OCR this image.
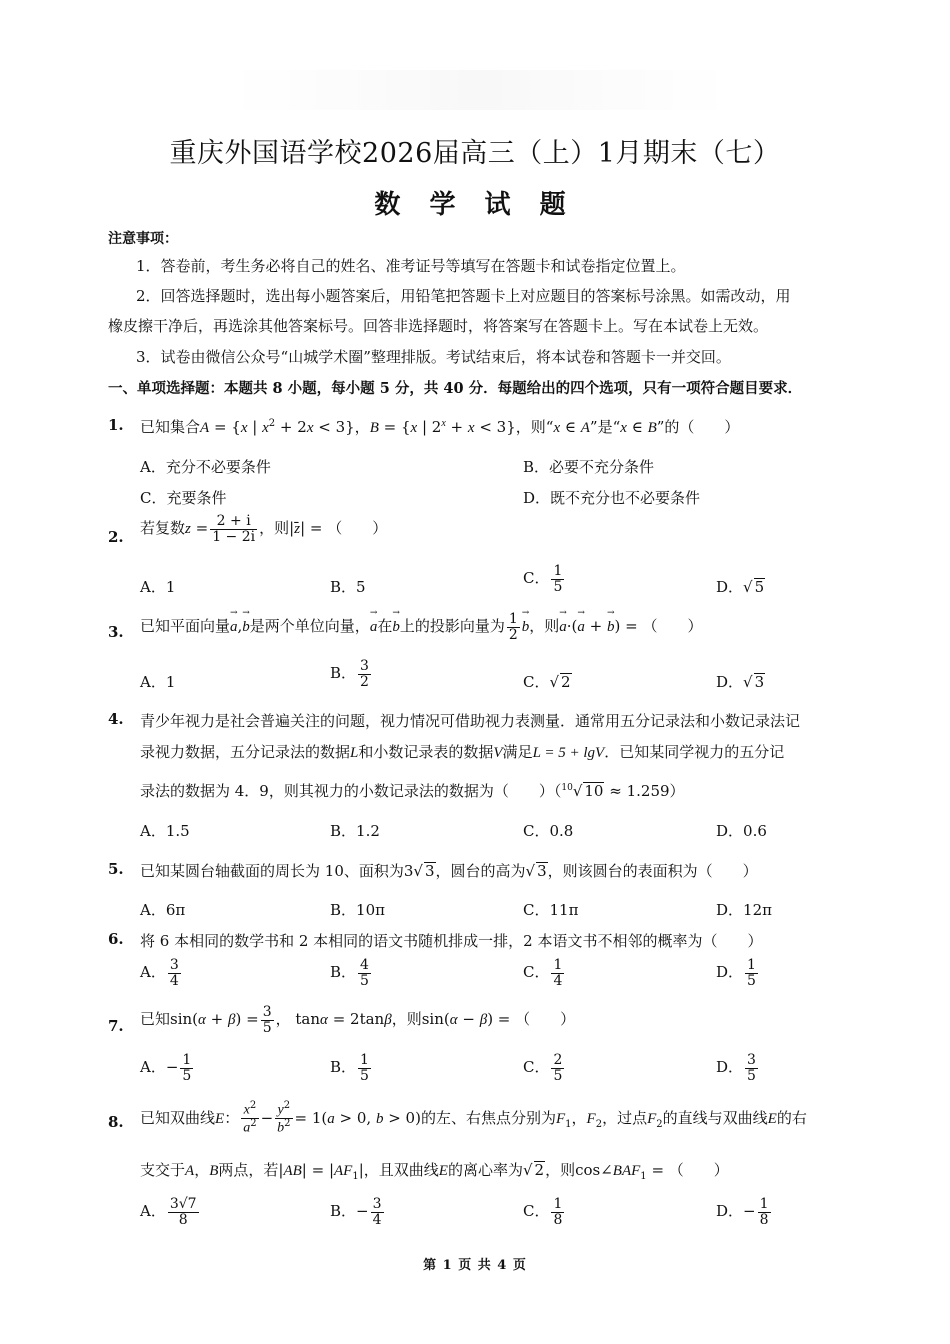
重庆外国语学校2026届高三（上）1月期末（七）
数 学 试 题
注意事项：
1．答卷前，考生务必将自己的姓名、准考证号等填写在答题卡和试卷指定位置上。
2．回答选择题时，选出每小题答案后，用铅笔把答题卡上对应题目的答案标号涂黑。如需改动，用
橡皮擦干净后，再选涂其他答案标号。回答非选择题时，将答案写在答题卡上。写在本试卷上无效。
3．试卷由微信公众号“山城学术圈”整理排版。考试结束后，将本试卷和答题卡一并交回。
一、单项选择题：本题共 8 小题，每小题 5 分，共 40 分．每题给出的四个选项，只有一项符合题目要求．
1. 已知集合A = {x | $x^2 + 2x < 3$}，B = {x | $2^x + x < 3$}，则“x ∈ A”是“x ∈ B”的（　　）
A．充分不必要条件	B．必要不充分条件
C．充要条件	D．既不充分也不必要条件
2. 若复数$z = \frac{2 + i}{1 - 2i}$ ，则|z̄| = （　　）
A．1	B．5	C． $\frac{1}{5}$	D．√ 5
3. 已知平面向量→ a,→ b是两个单位向量，→ a在→ b上的投影向量为 $\frac{1}{2}$
→ b，则→ a·(→ a + → b) = （　　）
A．1	B． $\frac{3}{2}$	C．√ 2	D．√ 3
4. 青少年视力是社会普遍关注的问题，视力情况可借助视力表测量．通常用五分记录法和小数记录法记
录视力数据，五分记录法的数据L和小数记录表的数据V满足L = 5 + lgV．已知某同学视力的五分记
录法的数据为 4．9，则其视力的小数记录法的数据为（　　）（$^{10}$√ 10 ≈ 1.259）
A．1.5	B．1.2	C．0.8	D．0.6
5. 已知某圆台轴截面的周长为 10、面积为3√ 3，圆台的高为√ 3，则该圆台的表面积为（　　）
A．6π	B．10π	C．11π	D．12π
6. 将 6 本相同的数学书和 2 本相同的语文书随机排成一排，2 本语文书不相邻的概率为（　　）
A． $\frac{3}{4}$	B． $\frac{4}{5}$	C． $\frac{1}{4}$	D． $\frac{1}{5}$
7. 已知$\sin(\alpha + \beta) = \frac{3}{5}$ ， tanα = 2tanβ，则sin(α − β) = （　　）
A．− $\frac{1}{5}$	B． $\frac{1}{5}$	C． $\frac{2}{5}$	D． $\frac{3}{5}$
8. 已知双曲线E： $\frac{x^2}{a^2} - \frac{y^2}{b^2} = 1(a > 0$, b > 0)的左、右焦点分别为$F_1$，$F_2$，过点$F_2$的直线与双曲线E的右
支交于A，B两点，若$|AB| = |AF_1|$，且双曲线E的离心率为√ 2，则$\cos\angle BAF_1$ = （　　）
A． $\frac{3√7}{8}$	B．− $\frac{3}{4}$	C． $\frac{1}{8}$	D．− $\frac{1}{8}$
第 1 页 共 4 页
